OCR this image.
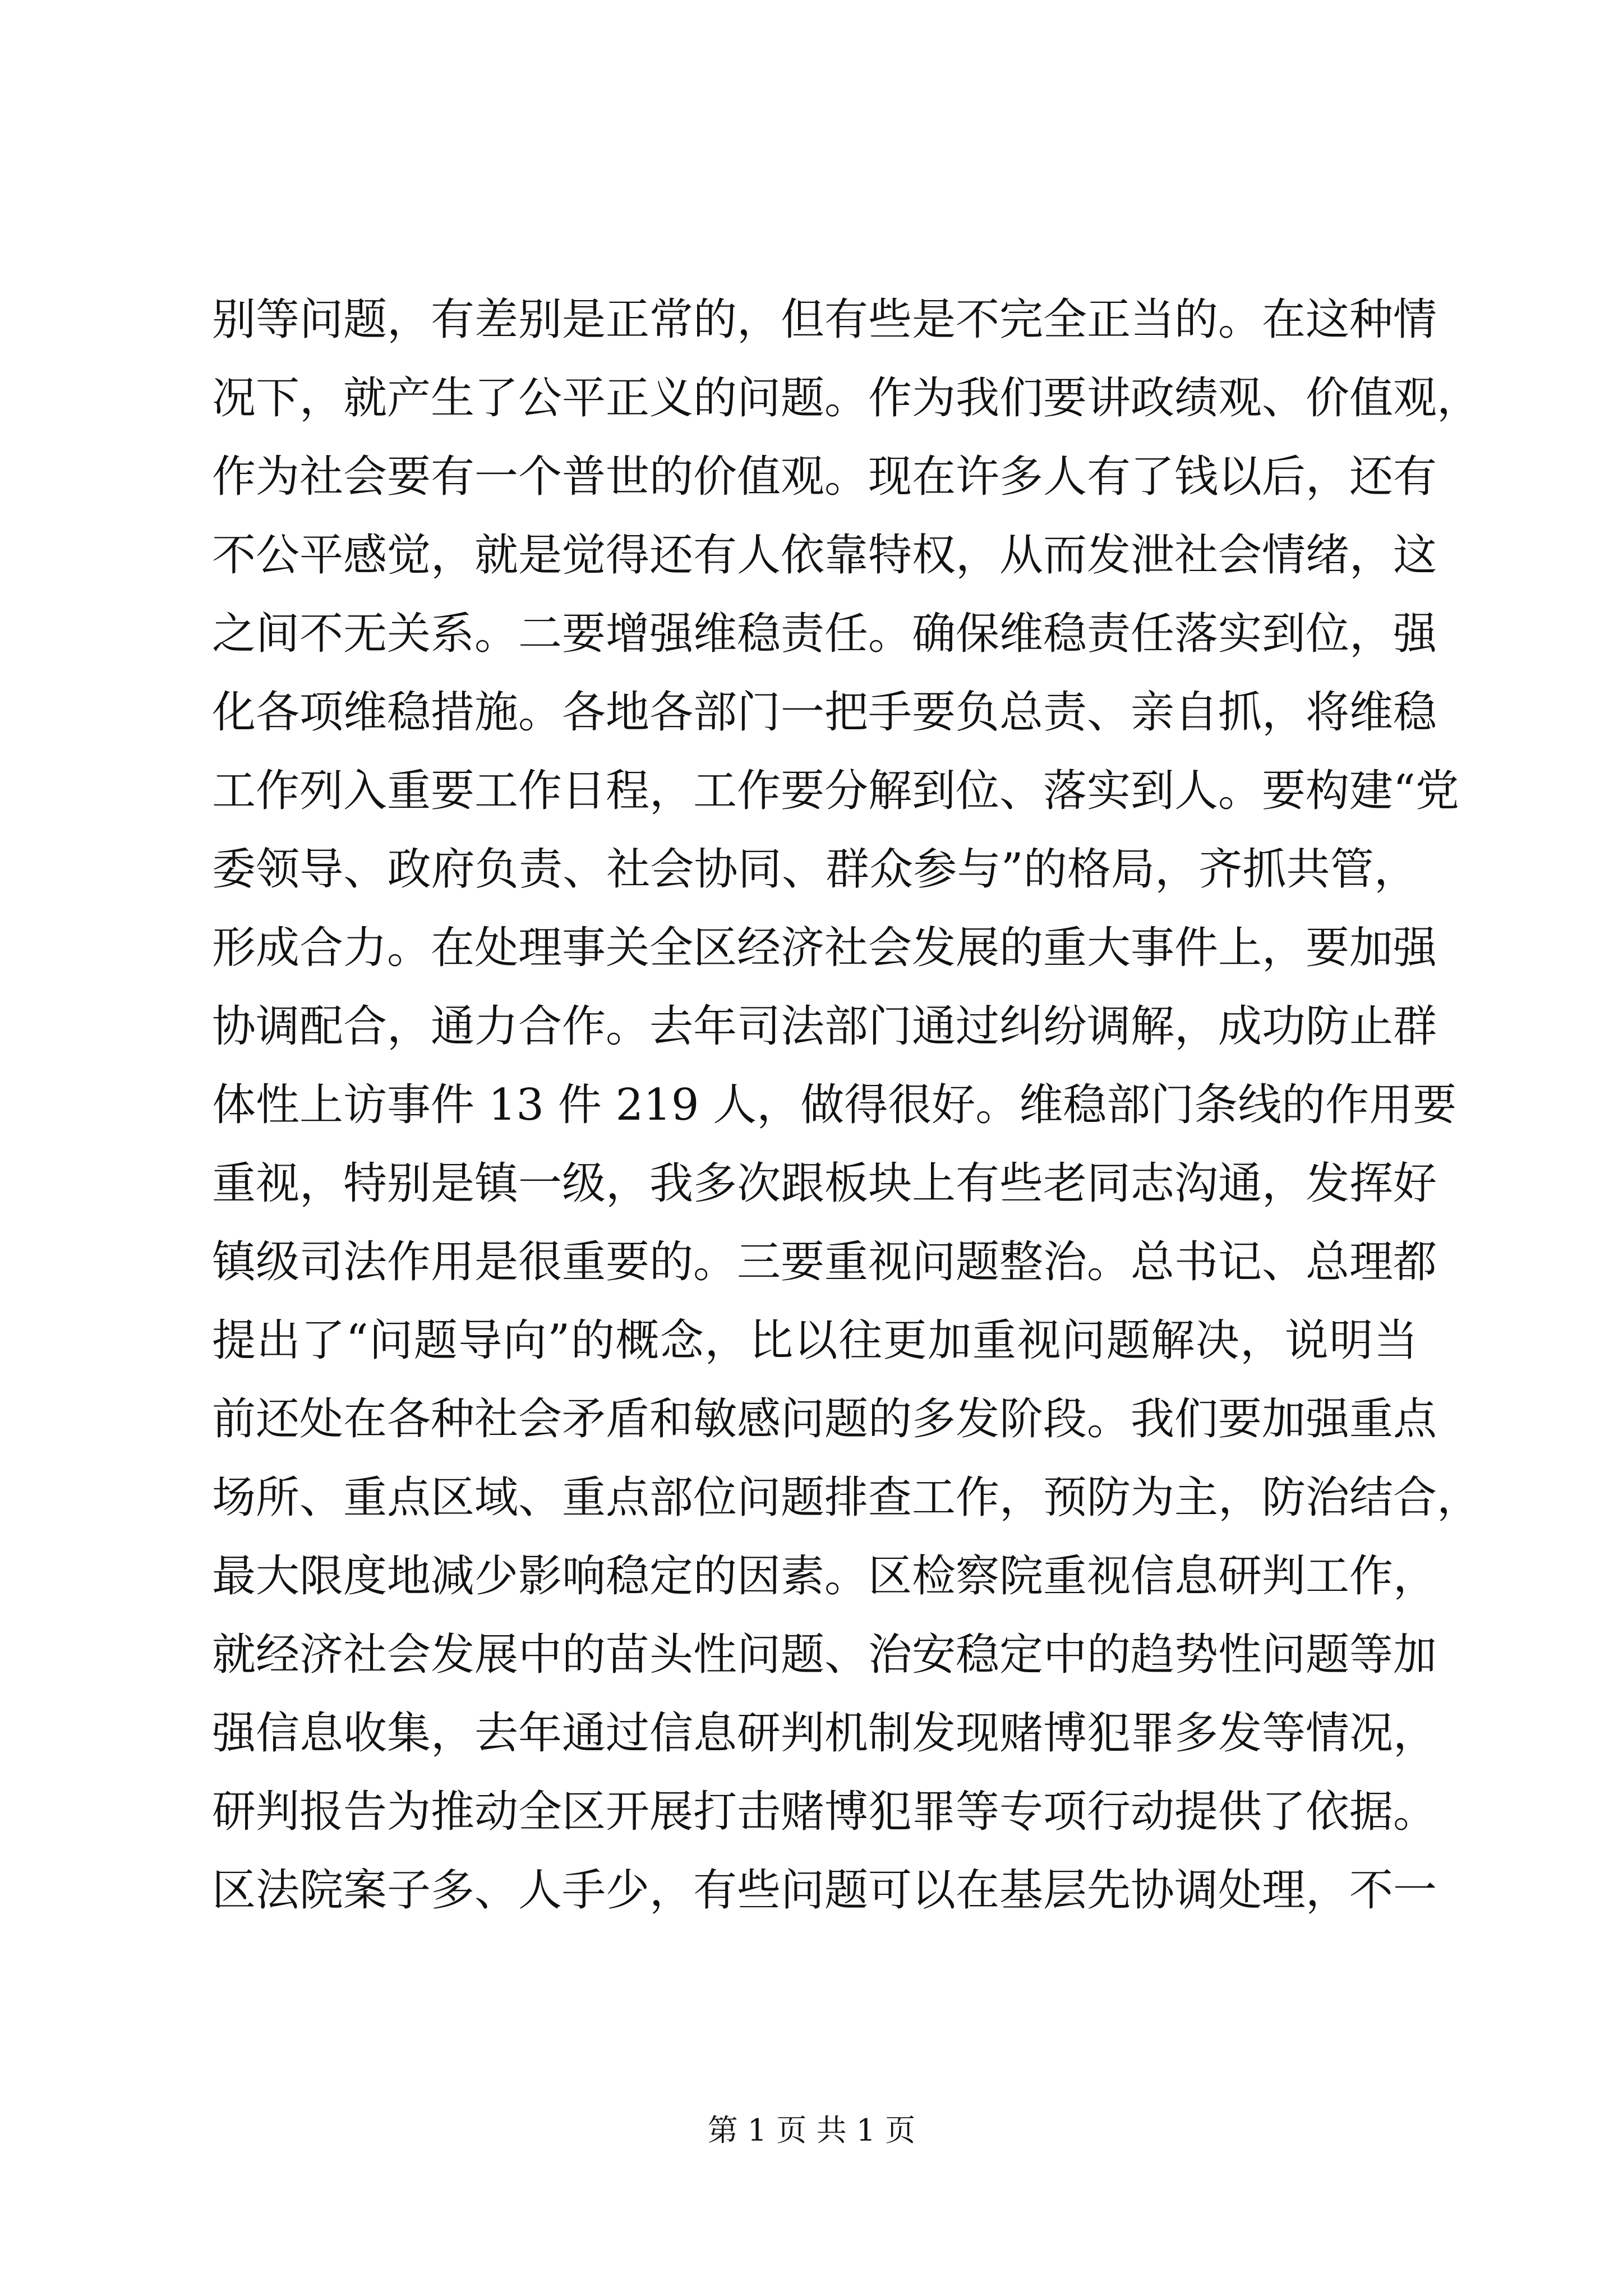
别等问题，有差别是正常的，但有些是不完全正当的。在这种情
况下，就产生了公平正义的问题。作为我们要讲政绩观、价值观，
作为社会要有一个普世的价值观。现在许多人有了钱以后，还有
不公平感觉，就是觉得还有人依靠特权，从而发泄社会情绪，这
之间不无关系。二要增强维稳责任。确保维稳责任落实到位，强
化各项维稳措施。各地各部门一把手要负总责、亲自抓，将维稳
工作列入重要工作日程，工作要分解到位、落实到人。要构建“党
委领导、政府负责、社会协同、群众参与”的格局，齐抓共管，
形成合力。在处理事关全区经济社会发展的重大事件上，要加强
协调配合，通力合作。去年司法部门通过纠纷调解，成功防止群
体性上访事件 13 件 219 人，做得很好。维稳部门条线的作用要
重视，特别是镇一级，我多次跟板块上有些老同志沟通，发挥好
镇级司法作用是很重要的。三要重视问题整治。总书记、总理都
提出了“问题导向”的概念，比以往更加重视问题解决，说明当
前还处在各种社会矛盾和敏感问题的多发阶段。我们要加强重点
场所、重点区域、重点部位问题排查工作，预防为主，防治结合，
最大限度地减少影响稳定的因素。区检察院重视信息研判工作，
就经济社会发展中的苗头性问题、治安稳定中的趋势性问题等加
强信息收集，去年通过信息研判机制发现赌博犯罪多发等情况，
研判报告为推动全区开展打击赌博犯罪等专项行动提供了依据。
区法院案子多、人手少，有些问题可以在基层先协调处理，不一
第 1 页 共 1 页
